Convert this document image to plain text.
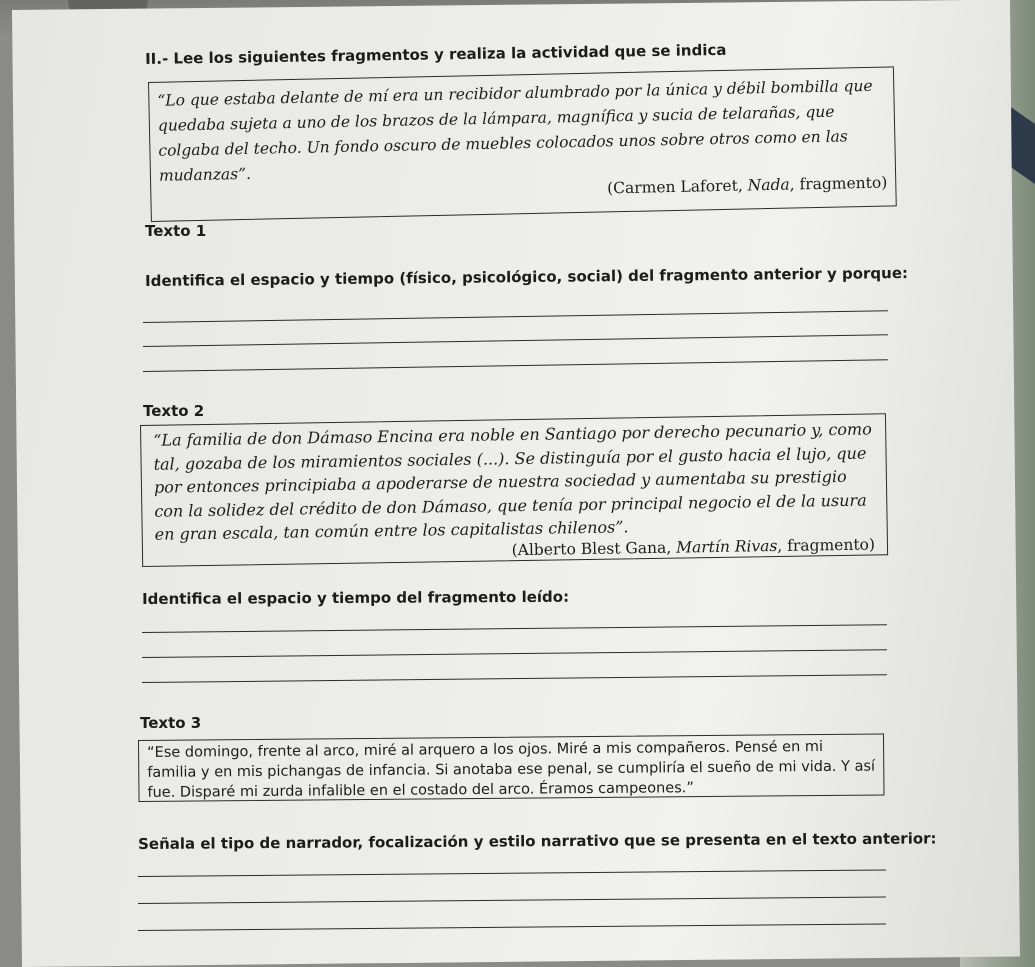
II.- Lee los siguientes fragmentos y realiza la actividad que se indica
“Lo que estaba delante de mí era un recibidor alumbrado por la única y débil bombilla que quedaba sujeta a uno de los brazos de la lámpara, magnífica y sucia de telarañas, que colgaba del techo. Un fondo oscuro de muebles colocados unos sobre otros como en las mudanzas”.
(Carmen Laforet, Nada, fragmento)
Texto 1
Identifica el espacio y tiempo (físico, psicológico, social) del fragmento anterior y porque:
Texto 2
“La familia de don Dámaso Encina era noble en Santiago por derecho pecunario y, como tal, gozaba de los miramientos sociales (...). Se distinguía por el gusto hacia el lujo, que por entonces principiaba a apoderarse de nuestra sociedad y aumentaba su prestigio con la solidez del crédito de don Dámaso, que tenía por principal negocio el de la usura en gran escala, tan común entre los capitalistas chilenos”.
(Alberto Blest Gana, Martín Rivas, fragmento)
Identifica el espacio y tiempo del fragmento leído:
Texto 3
“Ese domingo, frente al arco, miré al arquero a los ojos. Miré a mis compañeros. Pensé en mi familia y en mis pichangas de infancia. Si anotaba ese penal, se cumpliría el sueño de mi vida. Y así fue. Disparé mi zurda infalible en el costado del arco. Éramos campeones.”
Señala el tipo de narrador, focalización y estilo narrativo que se presenta en el texto anterior:
